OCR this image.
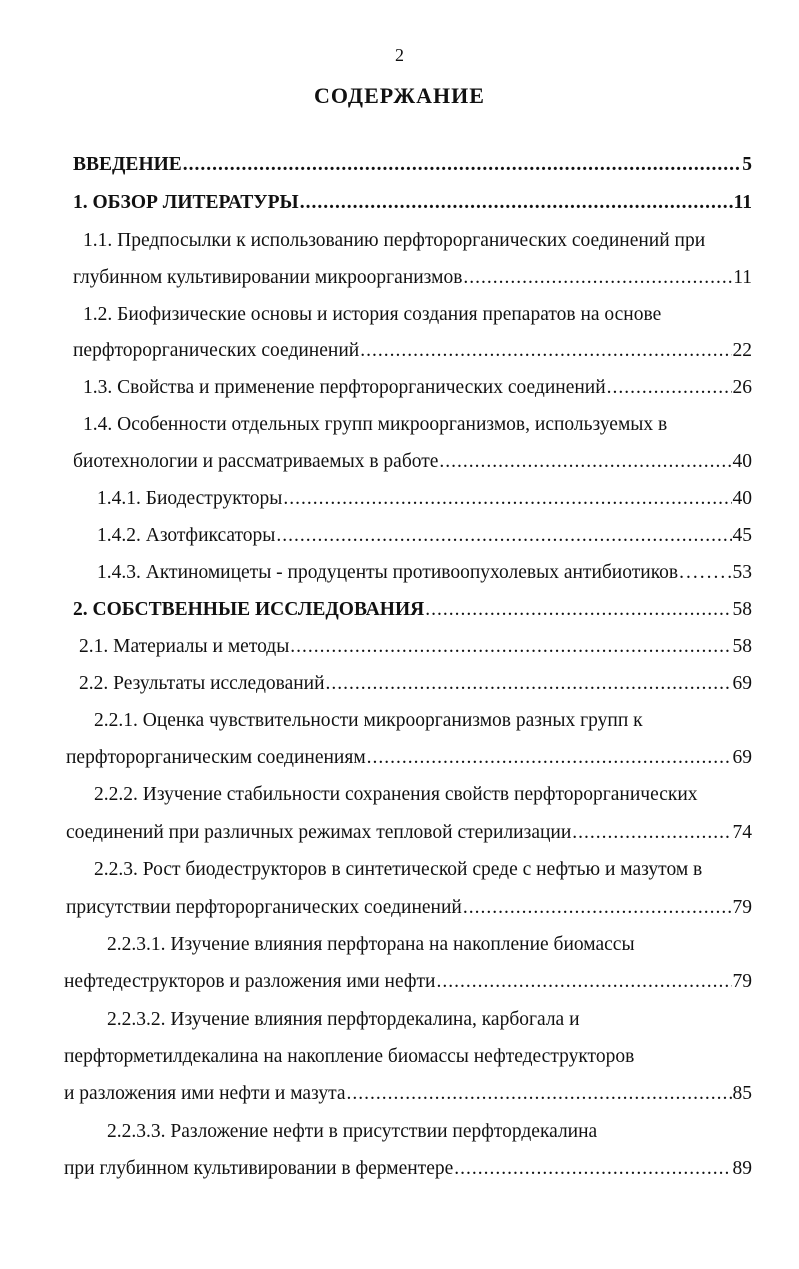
2
СОДЕРЖАНИЕ
ВВЕДЕНИЕ .....	5
1. ОБЗОР ЛИТЕРАТУРЫ .....	11
1.1. Предпосылки к использованию перфторорганических соединений при
глубинном культивировании микроорганизмов .....	11
1.2. Биофизические основы и история создания препаратов на основе
перфторорганических соединений .....	22
1.3. Свойства и применение перфторорганических соединений .....	26
1.4. Особенности отдельных групп микроорганизмов, используемых в
биотехнологии и рассматриваемых в работе .....	40
1.4.1. Биодеструкторы .....	40
1.4.2. Азотфиксаторы .....	45
1.4.3. Актиномицеты - продуценты противоопухолевых антибиотиков .....	53
2. СОБСТВЕННЫЕ ИССЛЕДОВАНИЯ .....	58
2.1. Материалы и методы .....	58
2.2. Результаты исследований .....	69
2.2.1. Оценка чувствительности микроорганизмов разных групп к
перфторорганическим соединениям .....	69
2.2.2. Изучение стабильности сохранения свойств перфторорганических
соединений при различных режимах тепловой стерилизации .....	74
2.2.3. Рост биодеструкторов в синтетической среде с нефтью и мазутом в
присутствии перфторорганических соединений .....	79
2.2.3.1. Изучение влияния перфторана на накопление биомассы
нефтедеструкторов и разложения ими нефти .....	79
2.2.3.2. Изучение влияния перфтордекалина, карбогала и
перфторметилдекалина на накопление биомассы нефтедеструкторов
и разложения ими нефти и мазута .....	85
2.2.3.3. Разложение нефти в присутствии перфтордекалина
при глубинном культивировании в ферментере .....	89
